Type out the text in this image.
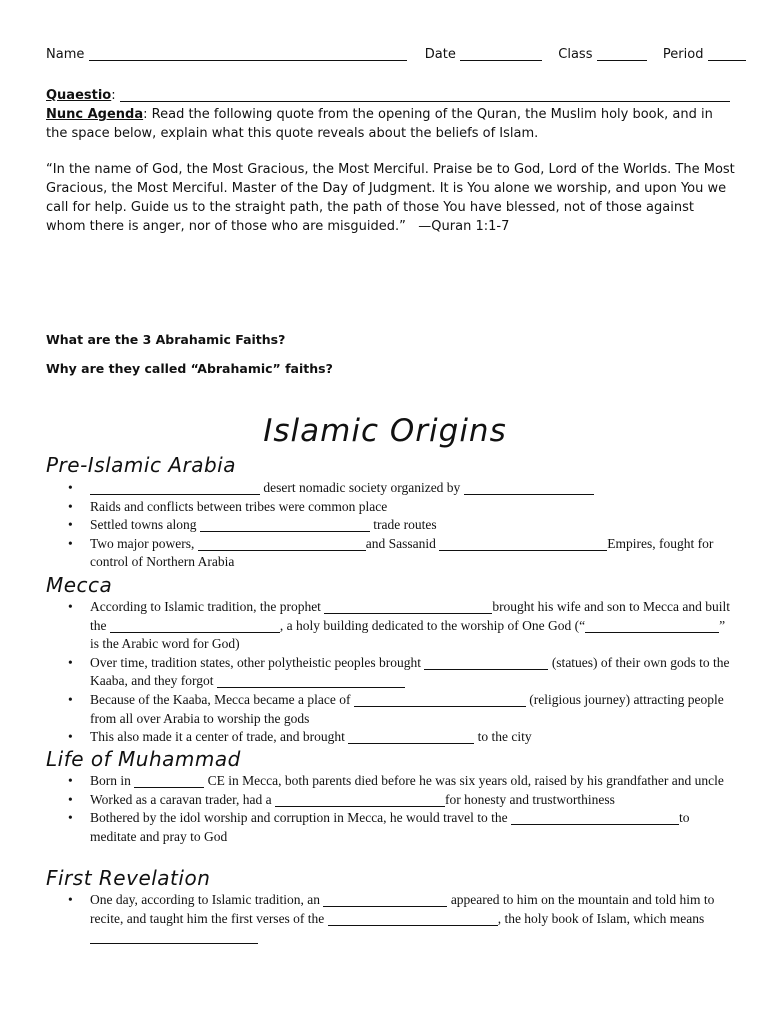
Name	Date	Class	Period
Quaestio:
Nunc Agenda: Read the following quote from the opening of the Quran, the Muslim holy book, and in the space below, explain what this quote reveals about the beliefs of Islam.
“In the name of God, the Most Gracious, the Most Merciful. Praise be to God, Lord of the Worlds. The Most Gracious, the Most Merciful. Master of the Day of Judgment. It is You alone we worship, and upon You we call for help. Guide us to the straight path, the path of those You have blessed, not of those against whom there is anger, nor of those who are misguided.” —Quran 1:1-7
What are the 3 Abrahamic Faiths?
Why are they called “Abrahamic” faiths?
Islamic Origins
Pre-Islamic Arabia
• desert nomadic society organized by
• Raids and conflicts between tribes were common place
• Settled towns along	trade routes
• Two major powers,	and Sassanid	Empires, fought for control of Northern Arabia
Mecca
• According to Islamic tradition, the prophet	brought his wife and son to Mecca and built the	, a holy building dedicated to the worship of One God (“	” is the Arabic word for God)
• Over time, tradition states, other polytheistic peoples brought	(statues) of their own gods to the Kaaba, and they forgot
• Because of the Kaaba, Mecca became a place of	(religious journey) attracting people from all over Arabia to worship the gods
• This also made it a center of trade, and brought	to the city
Life of Muhammad
• Born in	CE in Mecca, both parents died before he was six years old, raised by his grandfather and uncle
• Worked as a caravan trader, had a	for honesty and trustworthiness
• Bothered by the idol worship and corruption in Mecca, he would travel to the	to meditate and pray to God
First Revelation
• One day, according to Islamic tradition, an	appeared to him on the mountain and told him to recite, and taught him the first verses of the	, the holy book of Islam, which means
